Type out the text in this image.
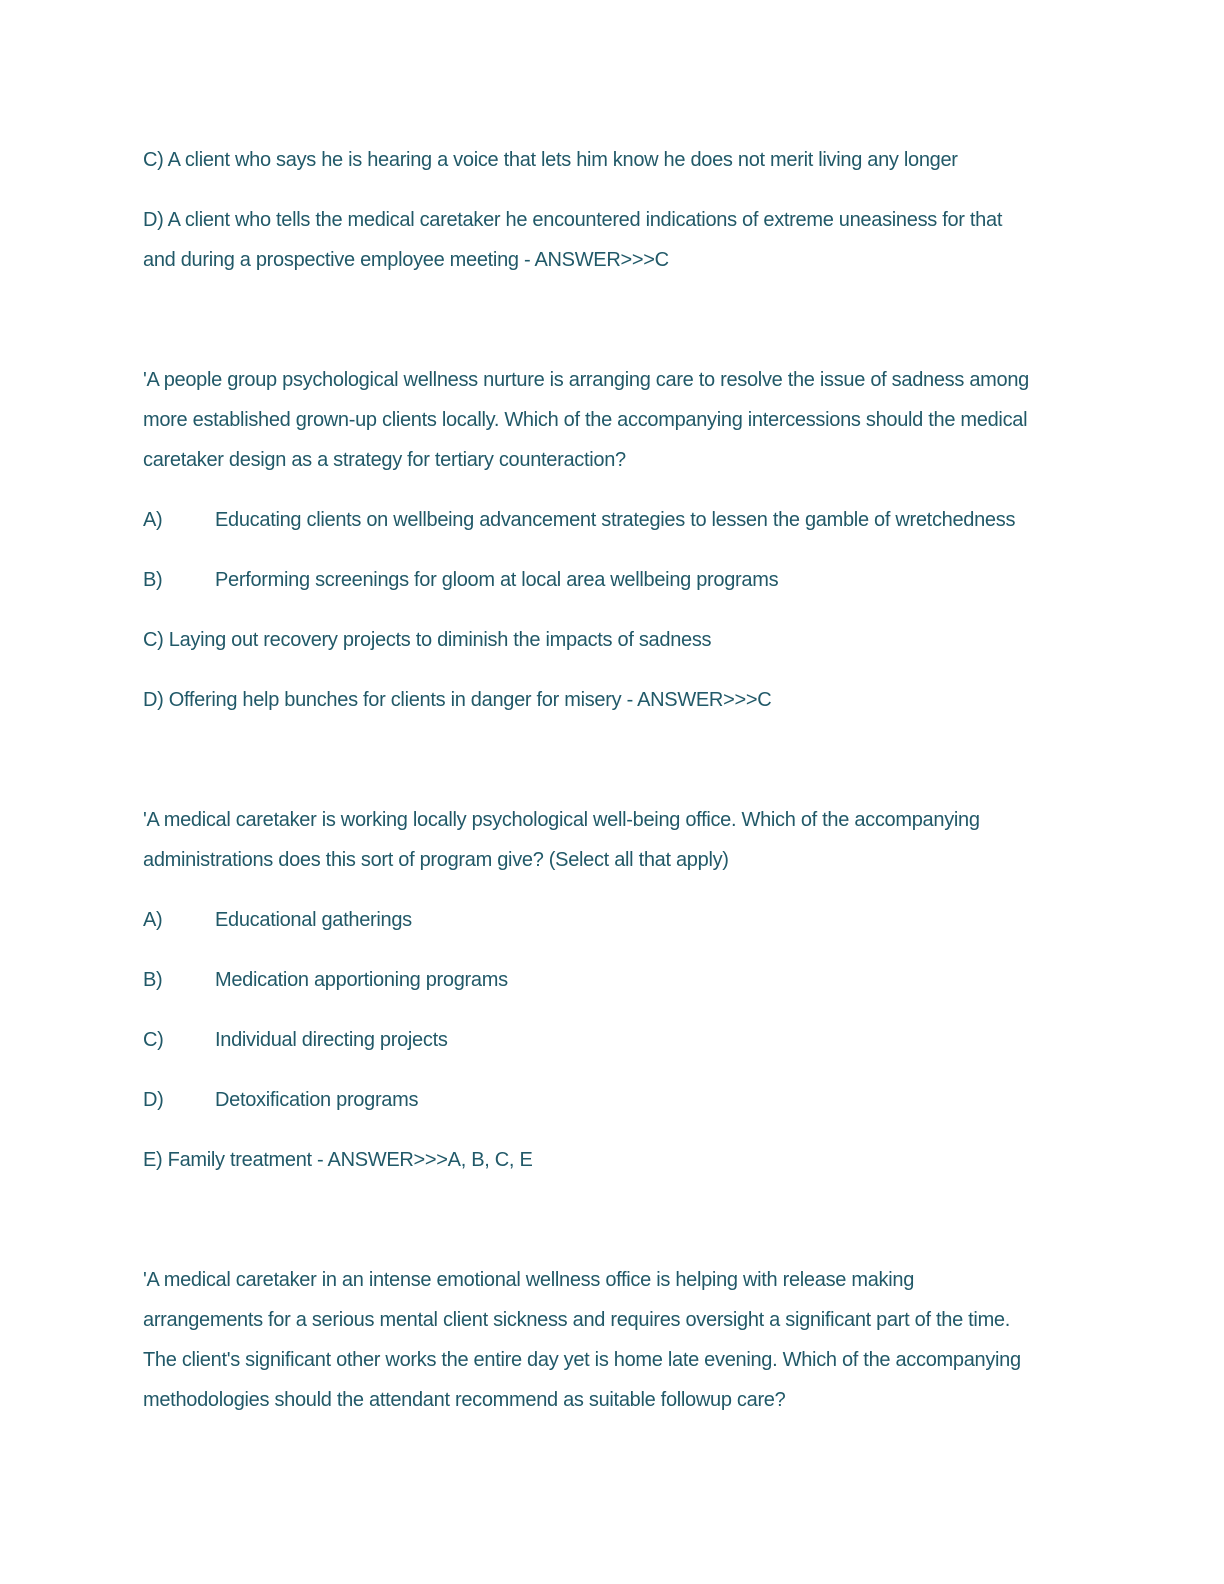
C) A client who says he is hearing a voice that lets him know he does not merit living any longer
D) A client who tells the medical caretaker he encountered indications of extreme uneasiness for that
and during a prospective employee meeting - ANSWER>>>C
'A people group psychological wellness nurture is arranging care to resolve the issue of sadness among
more established grown-up clients locally. Which of the accompanying intercessions should the medical
caretaker design as a strategy for tertiary counteraction?
A)	Educating clients on wellbeing advancement strategies to lessen the gamble of wretchedness
B)	Performing screenings for gloom at local area wellbeing programs
C) Laying out recovery projects to diminish the impacts of sadness
D) Offering help bunches for clients in danger for misery - ANSWER>>>C
'A medical caretaker is working locally psychological well-being office. Which of the accompanying
administrations does this sort of program give? (Select all that apply)
A)	Educational gatherings
B)	Medication apportioning programs
C)	Individual directing projects
D)	Detoxification programs
E) Family treatment - ANSWER>>>A, B, C, E
'A medical caretaker in an intense emotional wellness office is helping with release making
arrangements for a serious mental client sickness and requires oversight a significant part of the time.
The client's significant other works the entire day yet is home late evening. Which of the accompanying
methodologies should the attendant recommend as suitable followup care?
